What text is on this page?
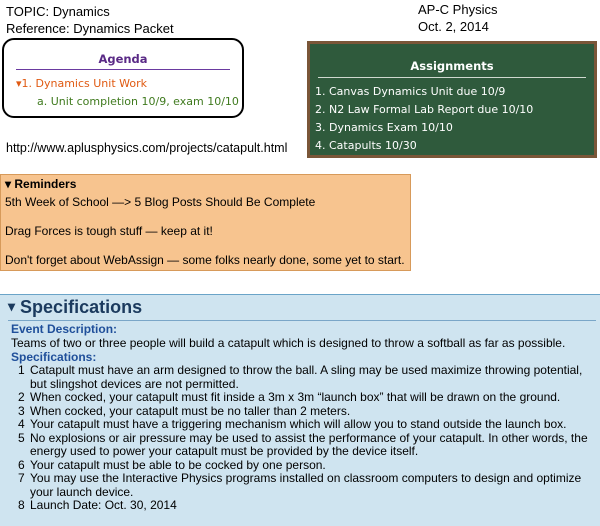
TOPIC: Dynamics
Reference: Dynamics Packet
AP-C Physics
Oct. 2, 2014
Agenda
▾1. Dynamics Unit Work
a. Unit completion 10/9, exam 10/10
Assignments
1. Canvas Dynamics Unit due 10/9
2. N2 Law Formal Lab Report due 10/10
3. Dynamics Exam 10/10
4. Catapults 10/30
http://www.aplusphysics.com/projects/catapult.html
▾ Reminders
5th Week of School —> 5 Blog Posts Should Be Complete
Drag Forces is tough stuff — keep at it!
Don't forget about WebAssign — some folks nearly done, some yet to start.
▾ Specifications
Event Description:
Teams of two or three people will build a catapult which is designed to throw a softball as far as possible.
Specifications:
1 Catapult must have an arm designed to throw the ball. A sling may be used maximize throwing potential,
but slingshot devices are not permitted.
2 When cocked, your catapult must fit inside a 3m x 3m “launch box” that will be drawn on the ground.
3 When cocked, your catapult must be no taller than 2 meters.
4 Your catapult must have a triggering mechanism which will allow you to stand outside the launch box.
5 No explosions or air pressure may be used to assist the performance of your catapult. In other words, the
energy used to power your catapult must be provided by the device itself.
6 Your catapult must be able to be cocked by one person.
7 You may use the Interactive Physics programs installed on classroom computers to design and optimize
your launch device.
8 Launch Date: Oct. 30, 2014
